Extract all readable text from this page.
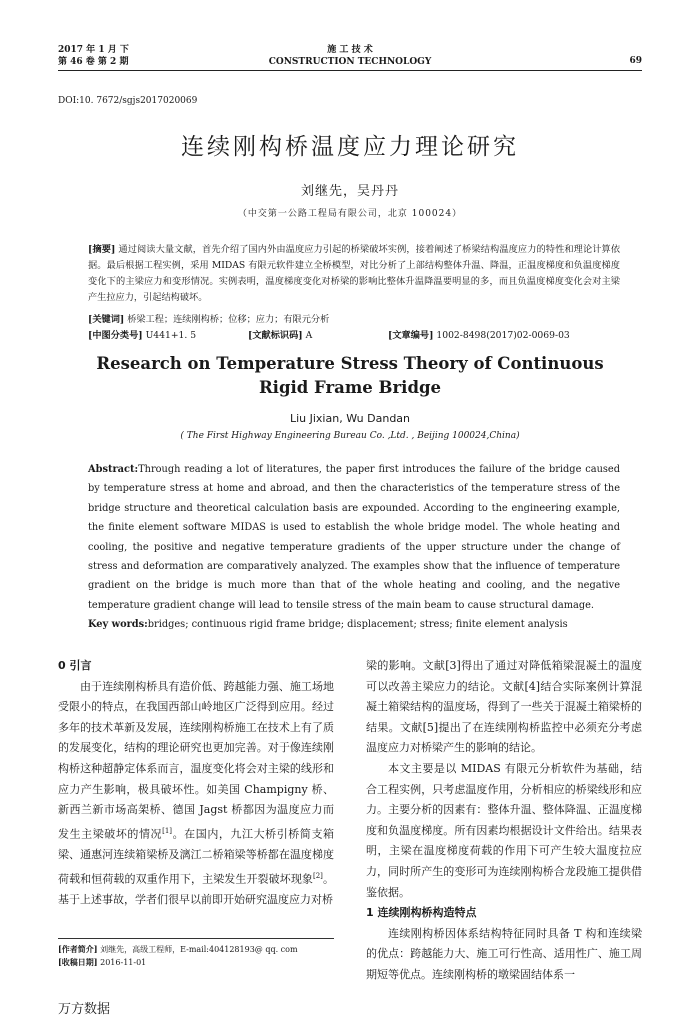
2017 年 1 月 下
第 46 卷 第 2 期
施 工 技 术
CONSTRUCTION TECHNOLOGY	69
DOI:10. 7672/sgjs2017020069
连续刚构桥温度应力理论研究
刘继先，吴丹丹
（中交第一公路工程局有限公司，北京 100024）
[摘要] 通过阅读大量文献，首先介绍了国内外由温度应力引起的桥梁破坏实例，接着阐述了桥梁结构温度应力的特性和理论计算依据。最后根据工程实例，采用 MIDAS 有限元软件建立全桥模型，对比分析了上部结构整体升温、降温，正温度梯度和负温度梯度变化下的主梁应力和变形情况。实例表明，温度梯度变化对桥梁的影响比整体升温降温要明显的多，而且负温度梯度变化会对主梁产生拉应力，引起结构破坏。
[关键词] 桥梁工程；连续刚构桥；位移；应力；有限元分析
[中图分类号] U441+1. 5	[文献标识码] A	[文章编号] 1002-8498(2017)02-0069-03
Research on Temperature Stress Theory of Continuous
Rigid Frame Bridge
Liu Jixian, Wu Dandan
( The First Highway Engineering Bureau Co. ,Ltd. , Beijing 100024,China)
Abstract:Through reading a lot of literatures, the paper first introduces the failure of the bridge caused by temperature stress at home and abroad, and then the characteristics of the temperature stress of the bridge structure and theoretical calculation basis are expounded. According to the engineering example, the finite element software MIDAS is used to establish the whole bridge model. The whole heating and cooling, the positive and negative temperature gradients of the upper structure under the change of stress and deformation are comparatively analyzed. The examples show that the influence of temperature gradient on the bridge is much more than that of the whole heating and cooling, and the negative temperature gradient change will lead to tensile stress of the main beam to cause structural damage.
Key words:bridges; continuous rigid frame bridge; displacement; stress; finite element analysis
0 引言

由于连续刚构桥具有造价低、跨越能力强、施工场地受限小的特点，在我国西部山岭地区广泛得到应用。经过多年的技术革新及发展，连续刚构桥施工在技术上有了质的发展变化，结构的理论研究也更加完善。对于像连续刚构桥这种超静定体系而言，温度变化将会对主梁的线形和应力产生影响，极具破坏性。如美国 Champigny 桥、新西兰新市场高架桥、德国 Jagst 桥都因为温度应力而发生主梁破坏的情况[1]。在国内，九江大桥引桥简支箱梁、通惠河连续箱梁桥及漓江二桥箱梁等桥都在温度梯度荷载和恒荷载的双重作用下，主梁发生开裂破坏现象[2]。基于上述事故，学者们很早以前即开始研究温度应力对桥

梁的影响。文献[3]得出了通过对降低箱梁混凝土的温度可以改善主梁应力的结论。文献[4]结合实际案例计算混凝土箱梁结构的温度场，得到了一些关于混凝土箱梁桥的结果。文献[5]提出了在连续刚构桥监控中必须充分考虑温度应力对桥梁产生的影响的结论。

本文主要是以 MIDAS 有限元分析软件为基础，结合工程实例，只考虑温度作用，分析相应的桥梁线形和应力。主要分析的因素有：整体升温、整体降温、正温度梯度和负温度梯度。所有因素均根据设计文件给出。结果表明，主梁在温度梯度荷载的作用下可产生较大温度拉应力，同时所产生的变形可为连续刚构桥合龙段施工提供借鉴依据。

1 连续刚构桥构造特点

连续刚构桥因体系结构特征同时具备 T 构和连续梁的优点：跨越能力大、施工可行性高、适用性广、施工周期短等优点。连续刚构桥的墩梁固结体系一

[作者简介] 刘继先，高级工程师，E-mail:404128193@ qq. com
[收稿日期] 2016-11-01
万方数据
